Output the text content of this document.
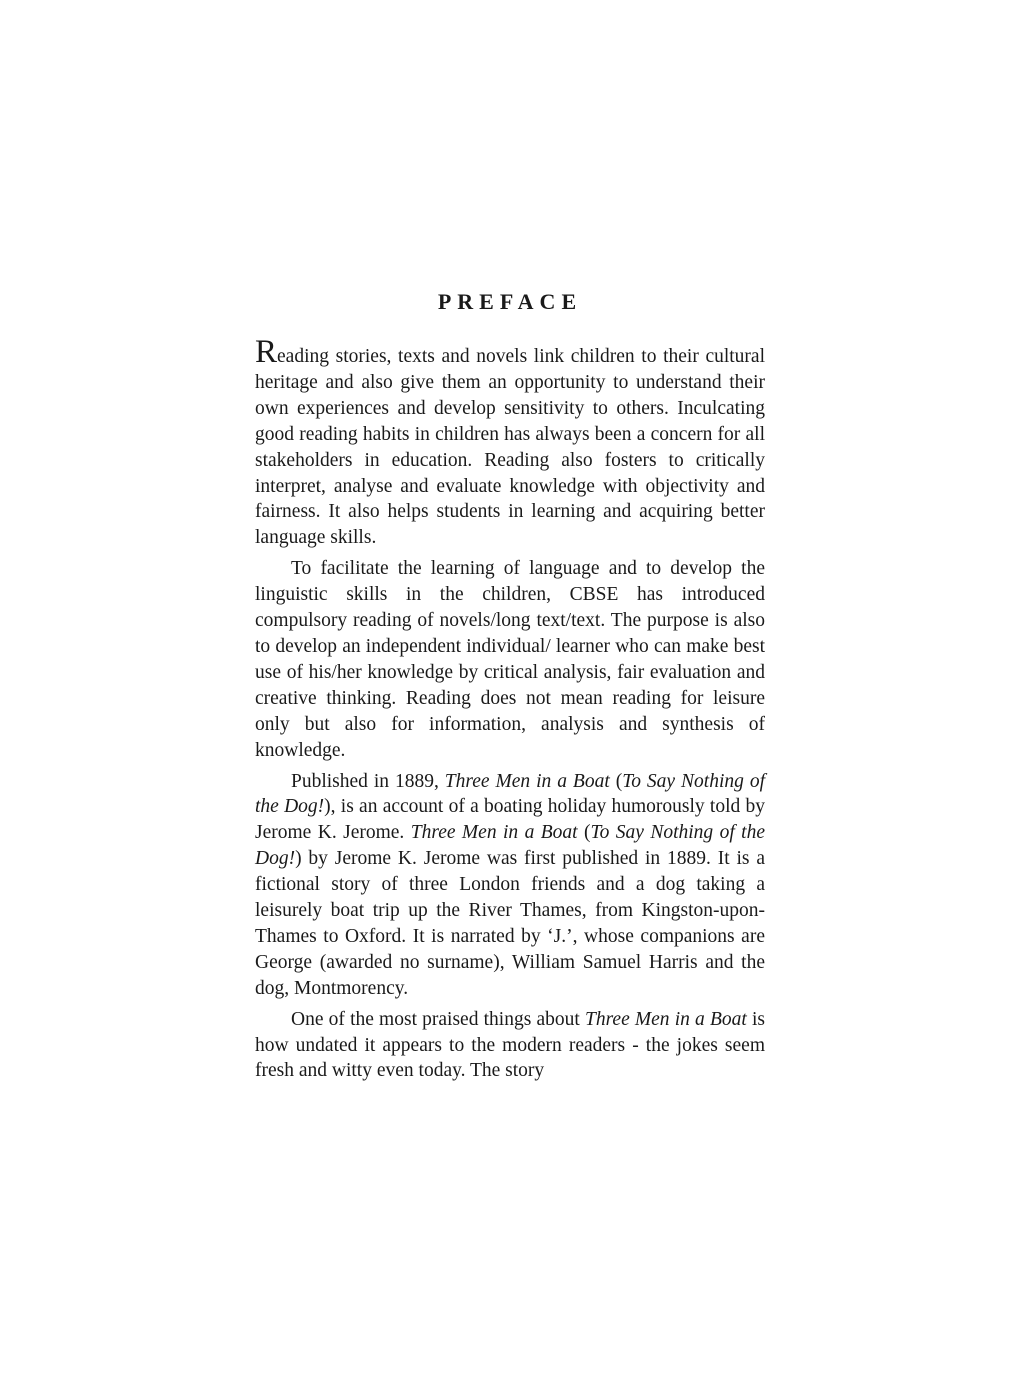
PREFACE

Reading stories, texts and novels link children to their cultural heritage and also give them an opportunity to understand their own experiences and develop sensitivity to others. Inculcating good reading habits in children has always been a concern for all stakeholders in education. Reading also fosters to critically interpret, analyse and evaluate knowledge with objectivity and fairness. It also helps students in learning and acquiring better language skills.

To facilitate the learning of language and to develop the linguistic skills in the children, CBSE has introduced compulsory reading of novels/long text/text. The purpose is also to develop an independent individual/ learner who can make best use of his/her knowledge by critical analysis, fair evaluation and creative thinking. Reading does not mean reading for leisure only but also for information, analysis and synthesis of knowledge.

Published in 1889, Three Men in a Boat (To Say Nothing of the Dog!), is an account of a boating holiday humorously told by Jerome K. Jerome. Three Men in a Boat (To Say Nothing of the Dog!) by Jerome K. Jerome was first published in 1889. It is a fictional story of three London friends and a dog taking a leisurely boat trip up the River Thames, from Kingston-upon-Thames to Oxford. It is narrated by ‘J.’, whose companions are George (awarded no surname), William Samuel Harris and the dog, Montmorency.

One of the most praised things about Three Men in a Boat is how undated it appears to the modern readers - the jokes seem fresh and witty even today. The story
